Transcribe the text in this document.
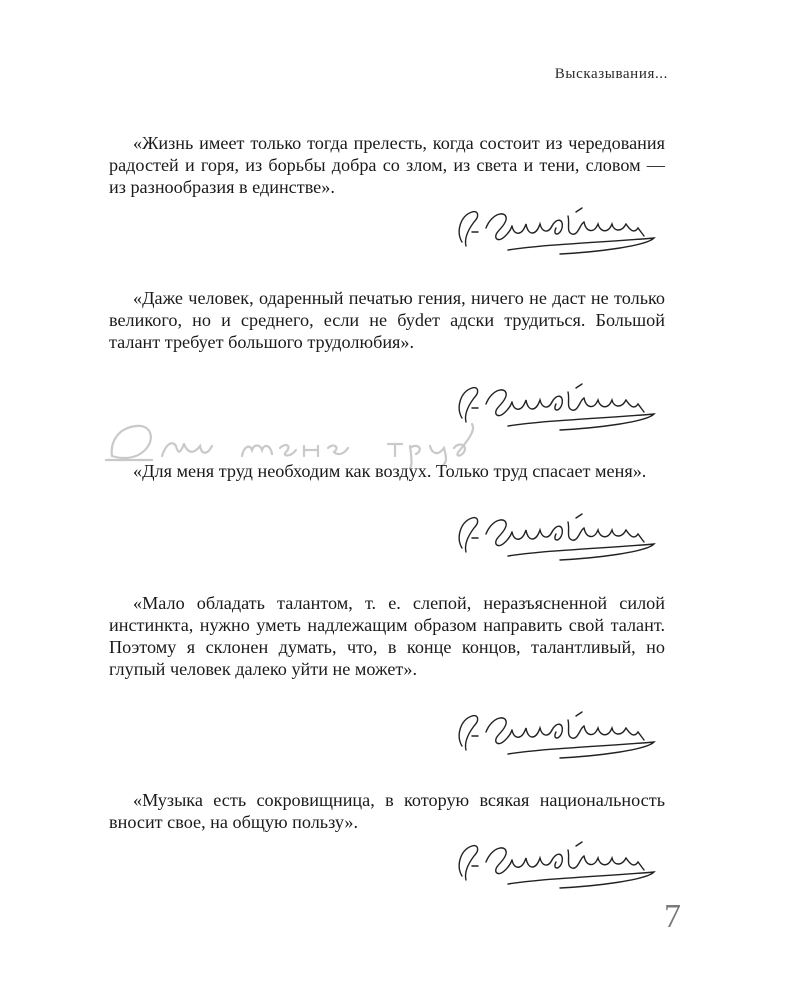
Высказывания...

«Жизнь имеет только тогда прелесть, когда состоит из чередования радостей и горя, из борьбы добра со злом, из света и тени, словом — из разнообразия в единстве».

«Даже человек, одаренный печатью гения, ничего не даст не только великого, но и среднего, если не буdет адски трудиться. Большой талант требует большого трудолюбия».

«Для меня труд необходим как воздух. Только труд спасает меня».

«Мало обладать талантом, т. е. слепой, неразъясненной силой инстинкта, нужно уметь надлежащим образом направить свой талант. Поэтому я склонен думать, что, в конце концов, талантливый, но глупый человек далеко уйти не может».

«Музыка есть сокровищница, в которую всякая национальность вносит свое, на общую пользу».

7
